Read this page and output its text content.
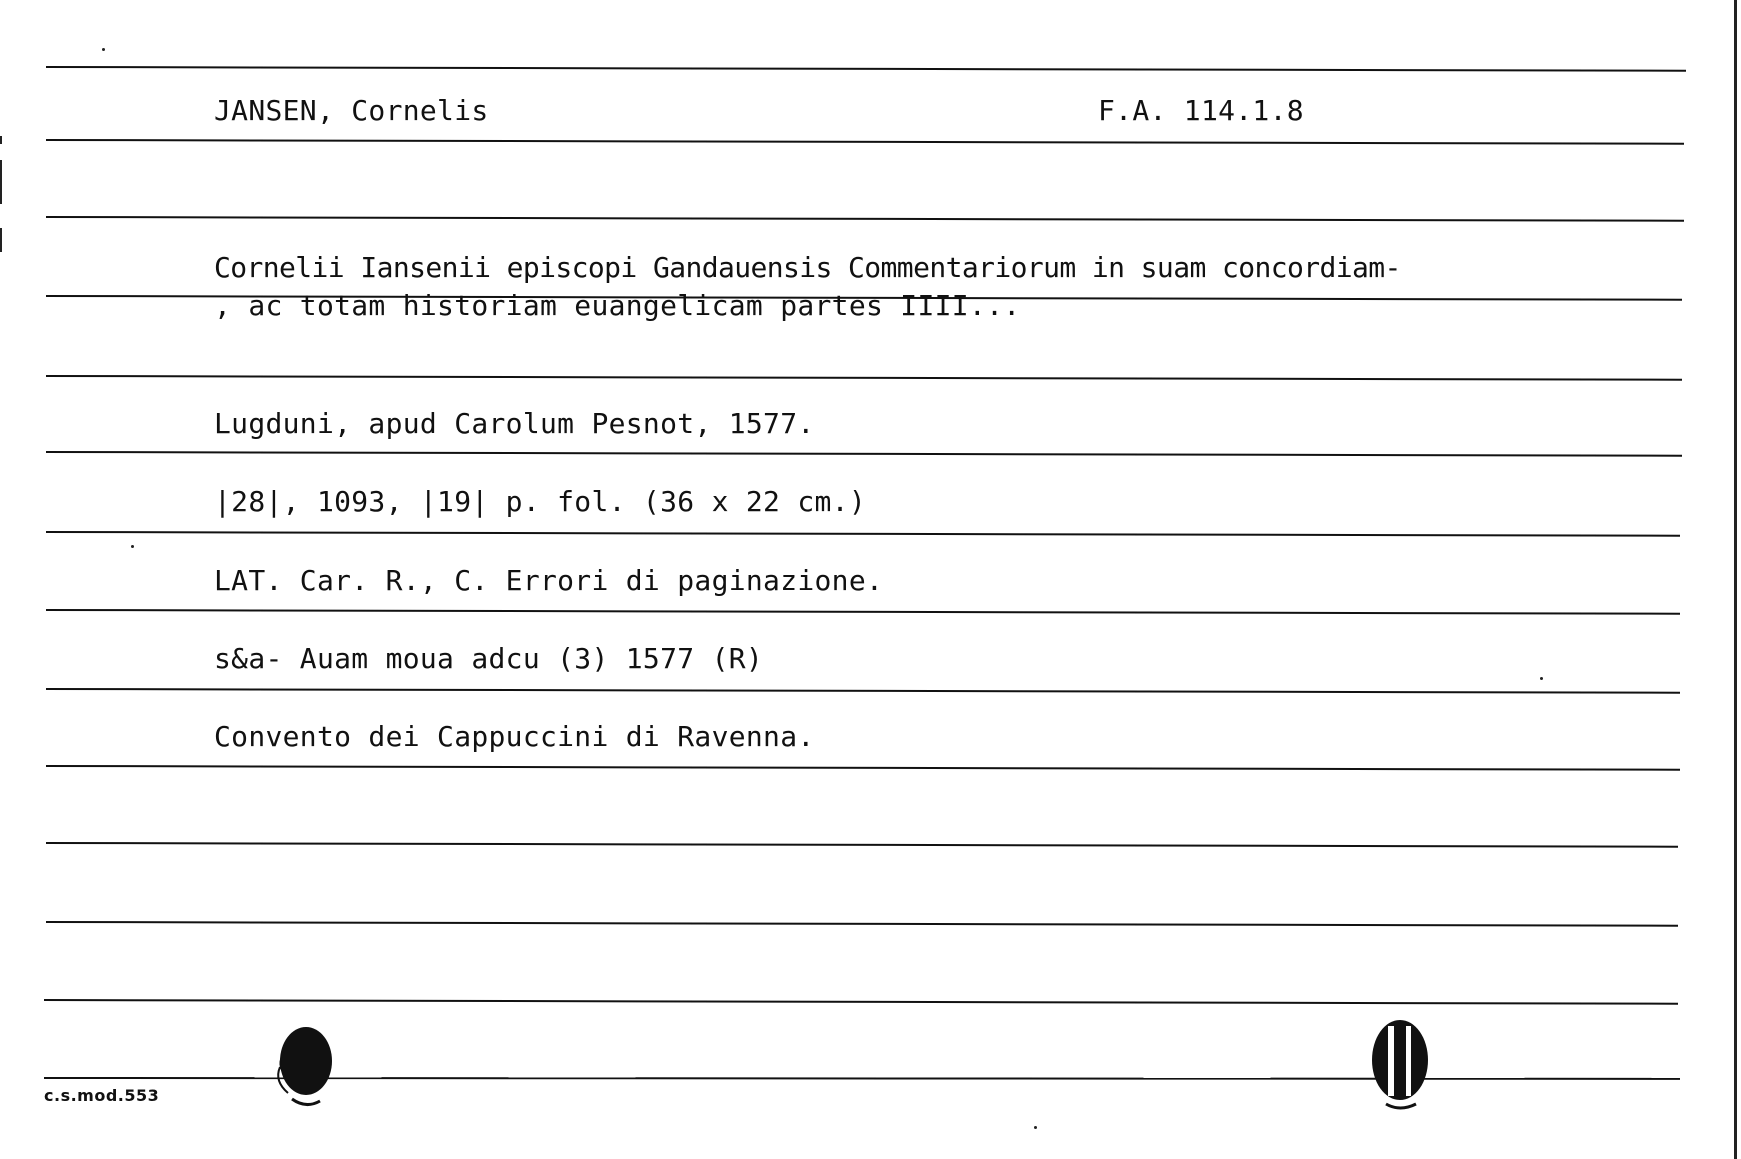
JANSEN, Cornelis	F.A. 114.1.8
Cornelii Iansenii episcopi Gandauensis Commentariorum in suam concordiam-
, ac totam historiam euangelicam partes IIII...
Lugduni, apud Carolum Pesnot, 1577.
|28|, 1093, |19| p. fol. (36 x 22 cm.)
LAT. Car. R., C. Errori di paginazione.
s&a- Auam moua adcu (3) 1577 (R)
Convento dei Cappuccini di Ravenna.
c.s.mod.553
